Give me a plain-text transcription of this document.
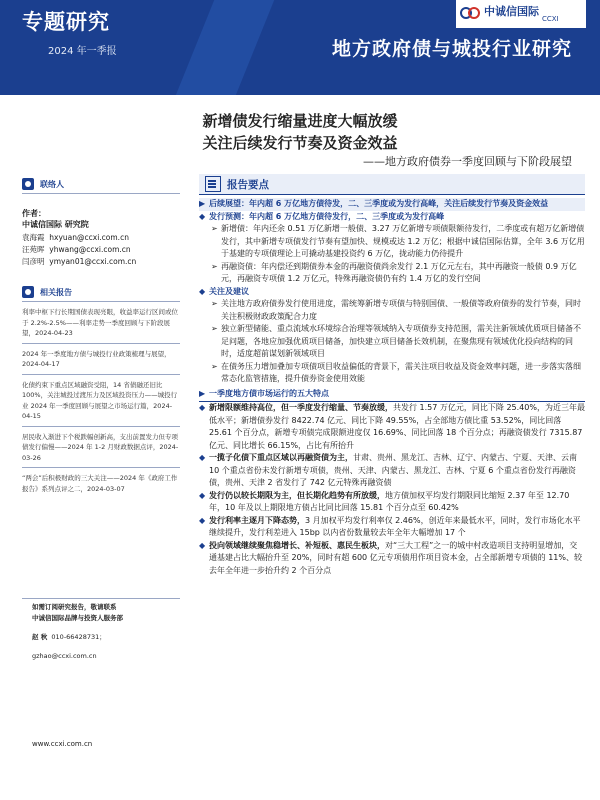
专题研究
2024 年一季报
中诚信国际
CCXI
地方政府债与城投行业研究
新增债发行缩量进度大幅放缓
关注后续发行节奏及资金效益
——地方政府债券一季度回顾与下阶段展望
联络人
作者：
中诚信国际 研究院
袁海霞 hxyuan@ccxi.com.cn
汪苑晖 yhwang@ccxi.com.cn
闫彦明 ymyan01@ccxi.com.cn
相关报告
利率中枢下行长期国债表现亮眼，收益率运行区间或位于 2.2%-2.5%——利率走势一季度回顾与下阶段展望，2024-04-23
2024 年一季度地方债与城投行业政策梳理与展望，2024-04-17
化债约束下重点区域融资受阻，14 省债融还旧比 100%，关注城投过渡压力及区域投资压力——城投行业 2024 年一季度回顾与展望之市场运行篇，2024-04-15
居民收入渐进下个税跌幅创新高，支出前置发力但专项债发行偏慢——2024 年 1-2 月财政数据点评，2024-03-26
“两会”后积极财政的三大关注——2024 年《政府工作报告》系列点评之二，2024-03-07
如需订阅研究报告，敬请联系
中诚信国际品牌与投资人服务部
赵 秋 010-66428731；
gzhao@ccxi.com.cn
www.ccxi.com.cn
报告要点
▶ 后续展望：年内超 6 万亿地方债待发，二、三季度或为发行高峰，关注后续发行节奏及资金效益
◆ 发行预测：年内超 6 万亿地方债待发行，二、三季度或为发行高峰
➢ 新增债：年内还余 0.51 万亿新增一般债、3.27 万亿新增专项债限额待发行，二季度或有超万亿新增债发行，其中新增专项债发行节奏有望加快、规模或达 1.2 万亿；根据中诚信国际估算，全年 3.6 万亿用于基建的专项债理论上可撬动基建投资约 6 万亿，拢动能力仍待提升
➢ 再融资债：年内偿还到期债券本金的再融资债尚余发行 2.1 万亿元左右，其中再融资一般债 0.9 万亿元，再融资专项债 1.2 万亿元，特殊再融资债仍有约 1.4 万亿的发行空间
◆ 关注及建议
➢ 关注地方政府债券发行使用进度，需统筹新增专项债与特别国债、一般债等政府债券的发行节奏，同时关注积极财政政策配合力度
➢ 独立新型储能、重点流域水环境综合治理等领域纳入专项债券支持范围，需关注新领域优质项目储备不足问题，各地应加强优质项目储备，加快建立项目储备长效机制，在聚焦现有领域优化投向结构的同时，适度超前谋划新领域项目
➢ 在债务压力增加叠加专项债项目收益偏低的背景下，需关注项目收益及资金效率问题，进一步落实落细常态化监管措施，提升债券资金使用效能
▶ 一季度地方债市场运行的五大特点
◆ 新增限额维持高位，但一季度发行缩量、节奏放缓，共发行 1.57 万亿元，同比下降 25.40%，为近三年最低水平；新增债券发行 8422.74 亿元、同比下降 49.55%，占全部地方债比重 53.52%，同比回落 25.61 个百分点，新增专项债完成限额进度仅 16.69%、同比回落 18 个百分点；再融资债发行 7315.87 亿元、同比增长 66.15%，占比有所抬升
◆ 一揽子化债下重点区域以再融资债为主，甘肃、贵州、黑龙江、吉林、辽宁、内蒙古、宁夏、天津、云南 10 个重点省份未发行新增专项债，贵州、天津、内蒙古、黑龙江、吉林、宁夏 6 个重点省份发行再融资债，贵州、天津 2 省发行了 742 亿元特殊再融资债
◆ 发行仍以较长期限为主，但长期化趋势有所放缓，地方债加权平均发行期限同比缩短 2.37 年至 12.70 年，10 年及以上期限地方债占比同比回落 15.81 个百分点至 60.42%
◆ 发行利率主逐月下降态势，3 月加权平均发行利率仅 2.46%，创近年来最低水平，同时，发行市场化水平继续提升，发行利差进入 15bp 以内省份数量较去年全年大幅增加 17 个
◆ 投向领域继续聚焦稳增长、补短板、惠民生板块，对“三大工程”之一的城中村改造项目支持明显增加，交通基建占比大幅抬升至 20%，同时有超 600 亿元专项债用作项目资本金，占全部新增专项债的 11%、较去年全年进一步抬升约 2 个百分点
